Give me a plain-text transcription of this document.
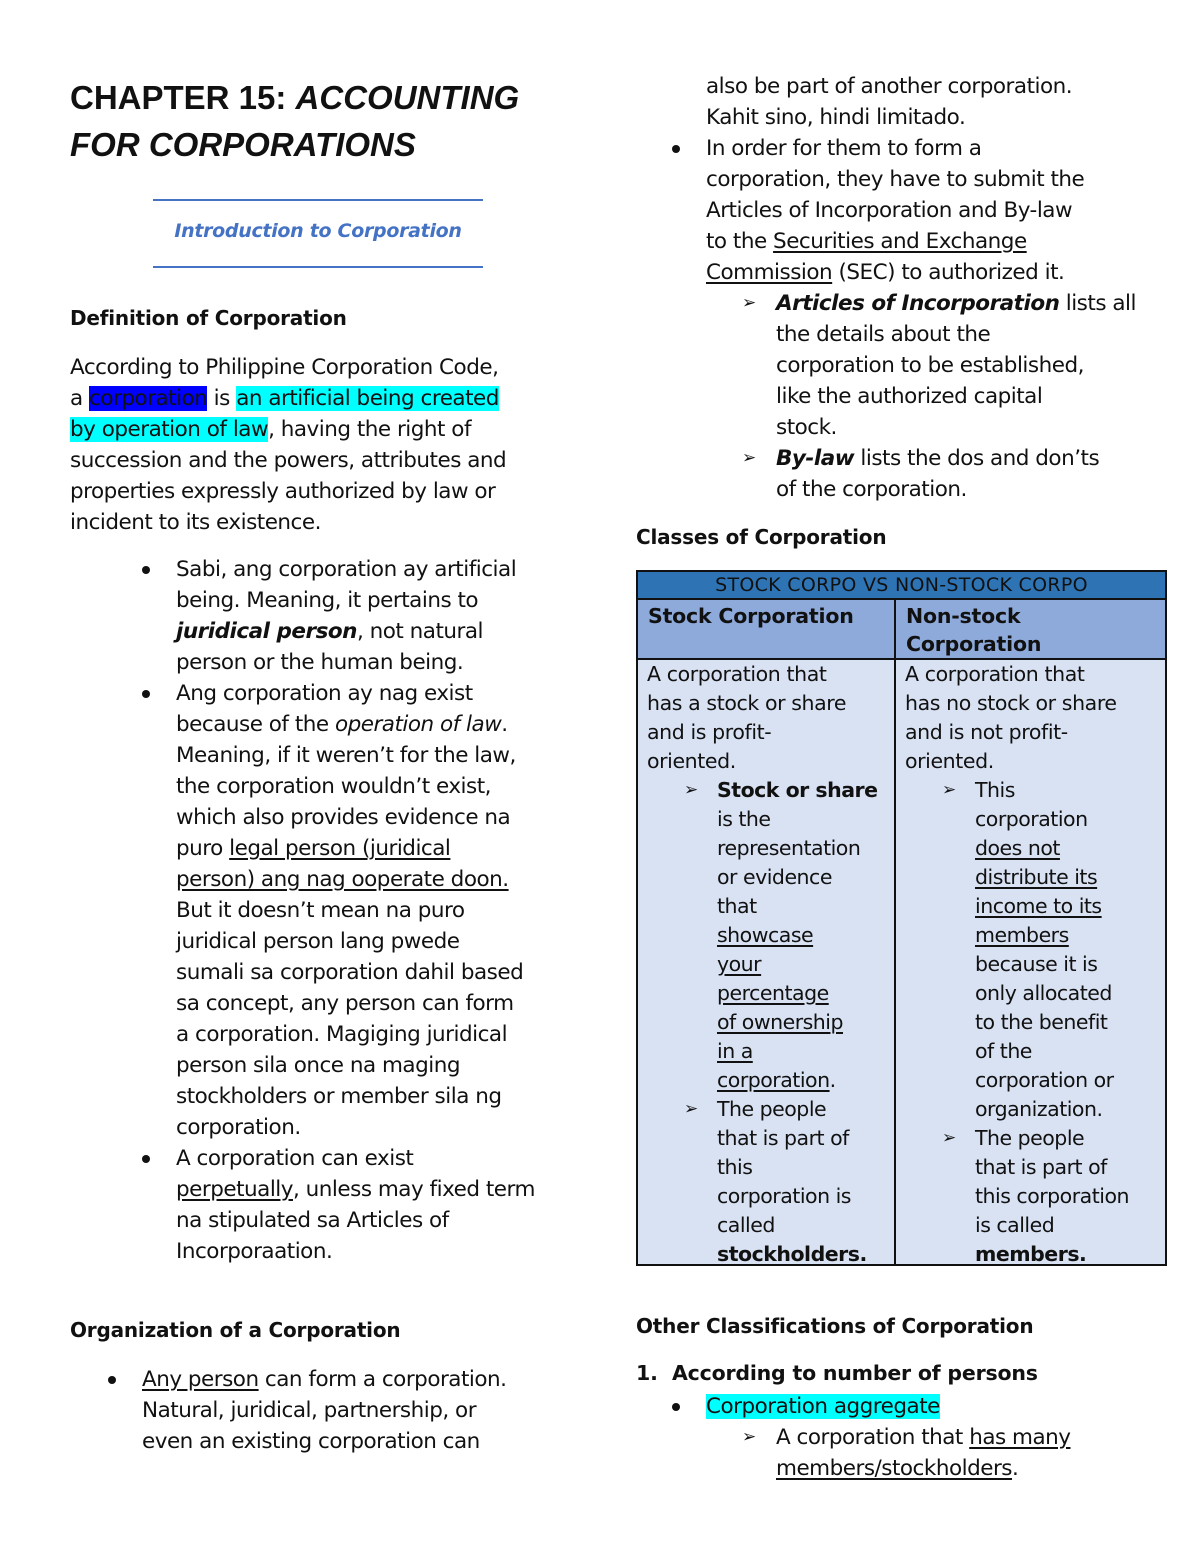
CHAPTER 15: ACCOUNTING
FOR CORPORATIONS
Introduction to Corporation
Definition of Corporation
According to Philippine Corporation Code,
a corporation is an artificial being created
by operation of law, having the right of
succession and the powers, attributes and
properties expressly authorized by law or
incident to its existence.
Sabi, ang corporation ay artificial
being. Meaning, it pertains to
juridical person, not natural
person or the human being.
Ang corporation ay nag exist
because of the operation of law.
Meaning, if it weren’t for the law,
the corporation wouldn’t exist,
which also provides evidence na
puro legal person (juridical
person) ang nag ooperate doon.
But it doesn’t mean na puro
juridical person lang pwede
sumali sa corporation dahil based
sa concept, any person can form
a corporation. Magiging juridical
person sila once na maging
stockholders or member sila ng
corporation.
A corporation can exist
perpetually, unless may fixed term
na stipulated sa Articles of
Incorporaation.
Organization of a Corporation
Any person can form a corporation.
Natural, juridical, partnership, or
even an existing corporation can
also be part of another corporation.
Kahit sino, hindi limitado.
In order for them to form a
corporation, they have to submit the
Articles of Incorporation and By-law
to the Securities and Exchange
Commission (SEC) to authorized it.
➢ Articles of Incorporation lists all
the details about the
corporation to be established,
like the authorized capital
stock.
➢ By-law lists the dos and don’ts
of the corporation.
Classes of Corporation
STOCK CORPO VS NON-STOCK CORPO
Stock Corporation	Non-stock
Corporation
A corporation that
has a stock or share
and is profit-
oriented.
➢ Stock or share
is the
representation
or evidence
that
showcase
your
percentage
of ownership
in a
corporation.
➢ The people
that is part of
this
corporation is
called
stockholders.
A corporation that
has no stock or share
and is not profit-
oriented.
➢ This
corporation
does not
distribute its
income to its
members
because it is
only allocated
to the benefit
of the
corporation or
organization.
➢ The people
that is part of
this corporation
is called
members.
Other Classifications of Corporation
1. According to number of persons
Corporation aggregate
➢ A corporation that has many
members/stockholders.
